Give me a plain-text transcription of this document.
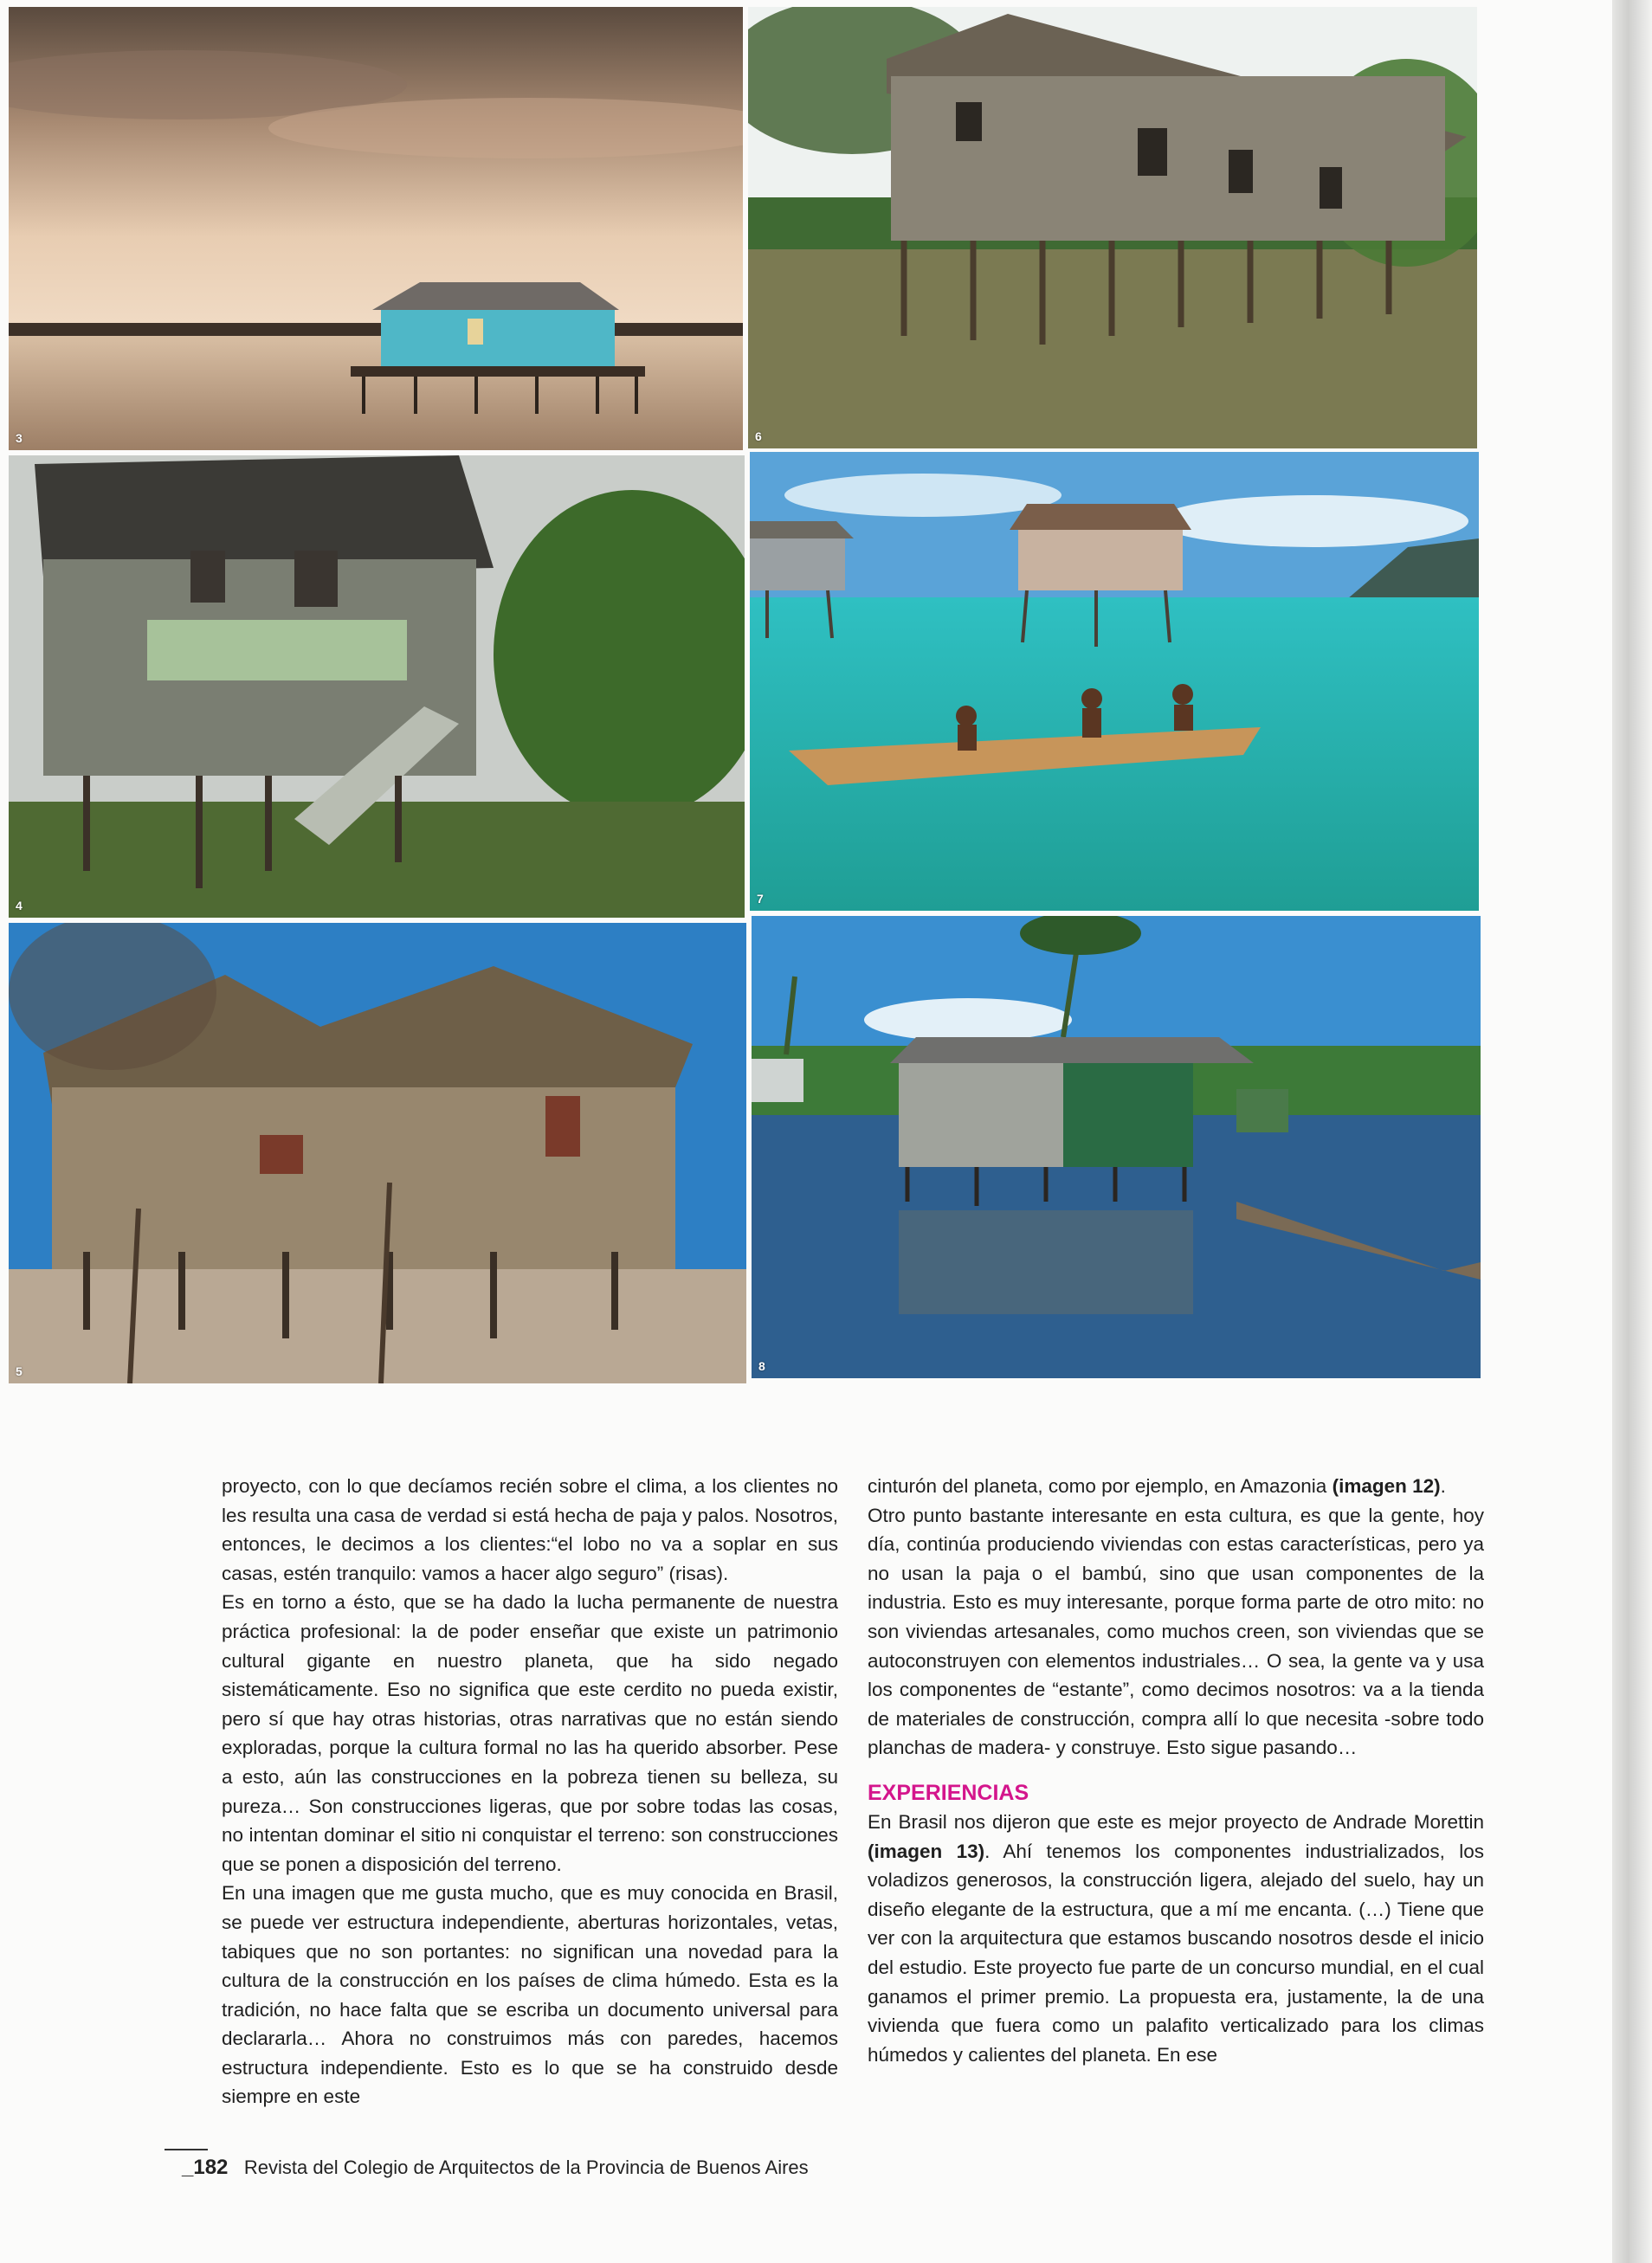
3	6
4	7
5	8

proyecto, con lo que decíamos recién sobre el clima, a los clientes no les resulta una casa de verdad si está hecha de paja y palos. Nosotros, entonces, le decimos a los clientes:“el lobo no va a soplar en sus casas, estén tranquilo: vamos a hacer algo seguro” (risas).

Es en torno a ésto, que se ha dado la lucha permanente de nuestra práctica profesional: la de poder enseñar que existe un patrimonio cultural gigante en nuestro planeta, que ha sido negado sistemáticamente. Eso no significa que este cerdito no pueda existir, pero sí que hay otras historias, otras narrativas que no están siendo exploradas, porque la cultura formal no las ha querido absorber. Pese a esto, aún las construcciones en la pobreza tienen su belleza, su pureza… Son construcciones ligeras, que por sobre todas las cosas, no intentan dominar el sitio ni conquistar el terreno: son construcciones que se ponen a disposición del terreno.

En una imagen que me gusta mucho, que es muy conocida en Brasil, se puede ver estructura independiente, aberturas horizontales, vetas, tabiques que no son portantes: no significan una novedad para la cultura de la construcción en los países de clima húmedo. Esta es la tradición, no hace falta que se escriba un documento universal para declararla… Ahora no construimos más con paredes, hacemos estructura independiente. Esto es lo que se ha construido desde siempre en este

cinturón del planeta, como por ejemplo, en Amazonia (imagen 12).

Otro punto bastante interesante en esta cultura, es que la gente, hoy día, continúa produciendo viviendas con estas características, pero ya no usan la paja o el bambú, sino que usan componentes de la industria. Esto es muy interesante, porque forma parte de otro mito: no son viviendas artesanales, como muchos creen, son viviendas que se autoconstruyen con elementos industriales… O sea, la gente va y usa los componentes de “estante”, como decimos nosotros: va a la tienda de materiales de construcción, compra allí lo que necesita -sobre todo planchas de madera- y construye. Esto sigue pasando…

EXPERIENCIAS

En Brasil nos dijeron que este es mejor proyecto de Andrade Morettin (imagen 13). Ahí tenemos los componentes industrializados, los voladizos generosos, la construcción ligera, alejado del suelo, hay un diseño elegante de la estructura, que a mí me encanta. (…) Tiene que ver con la arquitectura que estamos buscando nosotros desde el inicio del estudio. Este proyecto fue parte de un concurso mundial, en el cual ganamos el primer premio. La propuesta era, justamente, la de una vivienda que fuera como un palafito verticalizado para los climas húmedos y calientes del planeta. En ese

_182 Revista del Colegio de Arquitectos de la Provincia de Buenos Aires
